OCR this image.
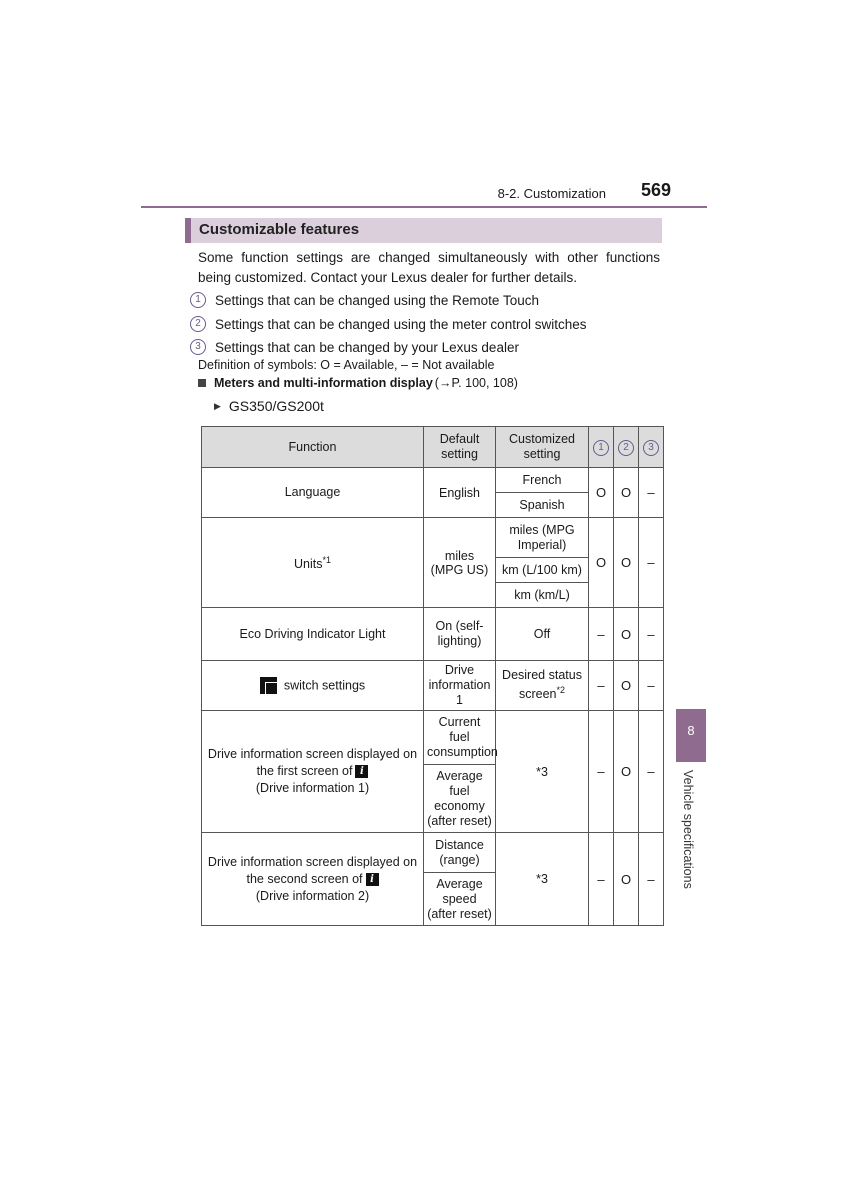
8-2. Customization 569
Customizable features
Some function settings are changed simultaneously with other functions being customized. Contact your Lexus dealer for further details.
1	Settings that can be changed using the Remote Touch
2	Settings that can be changed using the meter control switches
3	Settings that can be changed by your Lexus dealer
Definition of symbols: O = Available, – = Not available
Meters and multi-information display (→P. 100, 108)
▶ GS350/GS200t
Function	Default setting	Customized setting	1	2	3
Language	English	French	O	O	–
		Spanish			
Units$^{*1}$	miles (MPG US)	miles (MPG Imperial)	O	O	–
		km (L/100 km)			
		km (km/L)			
Eco Driving Indicator Light	On (self-lighting)	Off	–	O	–
switch settings	Drive information 1	Desired status screen$^{*2}$	–	O	–
Drive information screen displayed on the first screen of i
(Drive information 1)	Current fuel consumption	*3	–	O	–
	Average fuel economy (after reset)				
Drive information screen displayed on the second screen of i
(Drive information 2)	Distance (range)	*3	–	O	–
	Average speed (after reset)				
8
Vehicle specifications
